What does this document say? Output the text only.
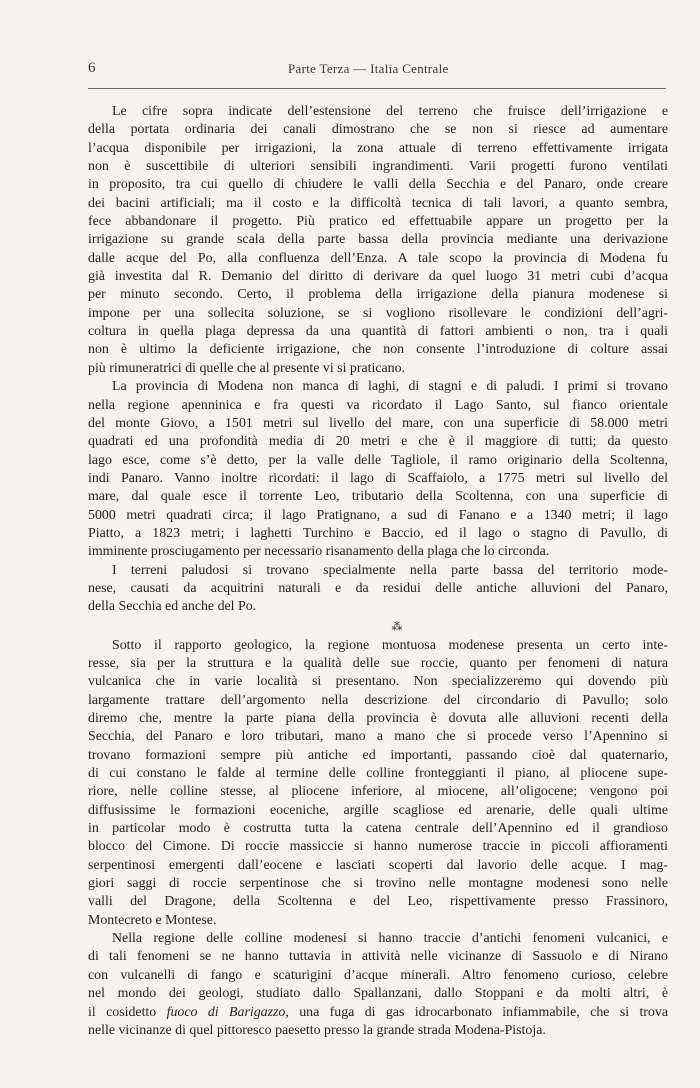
6	Parte Terza — Italia Centrale
Le cifre sopra indicate dell’estensione del terreno che fruisce dell’irrigazione e
della portata ordinaria dei canali dimostrano che se non si riesce ad aumentare
l’acqua disponibile per irrigazioni, la zona attuale di terreno effettivamente irrigata
non è suscettibile di ulteriori sensibili ingrandimenti. Varii progetti furono ventilati
in proposito, tra cui quello di chiudere le valli della Secchia e del Panaro, onde creare
dei bacini artificiali; ma il costo e la difficoltà tecnica di tali lavori, a quanto sembra,
fece abbandonare il progetto. Più pratico ed effettuabile appare un progetto per la
irrigazione su grande scala della parte bassa della provincia mediante una derivazione
dalle acque del Po, alla confluenza dell’Enza. A tale scopo la provincia di Modena fu
già investita dal R. Demanio del diritto di derivare da quel luogo 31 metri cubi d’acqua
per minuto secondo. Certo, il problema della irrigazione della pianura modenese si
impone per una sollecita soluzione, se si vogliono risollevare le condizioni dell’agri-
coltura in quella plaga depressa da una quantità di fattori ambienti o non, tra i quali
non è ultimo la deficiente irrigazione, che non consente l’introduzione di colture assai
più rimuneratrici di quelle che al presente vi si praticano.
La provincia di Modena non manca di laghi, di stagni e di paludi. I primi si trovano
nella regione apenninica e fra questi va ricordato il Lago Santo, sul fianco orientale
del monte Giovo, a 1501 metri sul livello del mare, con una superficie di 58.000 metri
quadrati ed una profondità media di 20 metri e che è il maggiore di tutti; da questo
lago esce, come s’è detto, per la valle delle Tagliole, il ramo originario della Scoltenna,
indi Panaro. Vanno inoltre ricordati: il lago di Scaffaiolo, a 1775 metri sul livello del
mare, dal quale esce il torrente Leo, tributario della Scoltenna, con una superficie di
5000 metri quadrati circa; il lago Pratignano, a sud di Fanano e a 1340 metri; il lago
Piatto, a 1823 metri; i laghetti Turchino e Baccio, ed il lago o stagno di Pavullo, di
imminente prosciugamento per necessario risanamento della plaga che lo circonda.
I terreni paludosi si trovano specialmente nella parte bassa del territorio mode-
nese, causati da acquitrini naturali e da residui delle antiche alluvioni del Panaro,
della Secchia ed anche del Po.
⁂
Sotto il rapporto geologico, la regione montuosa modenese presenta un certo inte-
resse, sia per la struttura e la qualità delle sue roccie, quanto per fenomeni di natura
vulcanica che in varie località si presentano. Non specializzeremo qui dovendo più
largamente trattare dell’argomento nella descrizione del circondario di Pavullo; solo
diremo che, mentre la parte piana della provincia è dovuta alle alluvioni recenti della
Secchia, del Panaro e loro tributari, mano a mano che si procede verso l’Apennino si
trovano formazioni sempre più antiche ed importanti, passando cioè dal quaternario,
di cui constano le falde al termine delle colline fronteggianti il piano, al pliocene supe-
riore, nelle colline stesse, al pliocene inferiore, al miocene, all’oligocene; vengono poi
diffusissime le formazioni eoceniche, argille scagliose ed arenarie, delle quali ultime
in particolar modo è costrutta tutta la catena centrale dell’Apennino ed il grandioso
blocco del Cimone. Di roccie massiccie si hanno numerose traccie in piccoli affioramenti
serpentinosi emergenti dall’eocene e lasciati scoperti dal lavorio delle acque. I mag-
giori saggi di roccie serpentinose che si trovino nelle montagne modenesi sono nelle
valli del Dragone, della Scoltenna e del Leo, rispettivamente presso Frassinoro,
Montecreto e Montese.
Nella regione delle colline modenesi si hanno traccie d’antichi fenomeni vulcanici, e
di tali fenomeni se ne hanno tuttavia in attività nelle vicinanze di Sassuolo e di Nirano
con vulcanelli di fango e scaturigini d’acque minerali. Altro fenomeno curioso, celebre
nel mondo dei geologi, studiato dallo Spallanzani, dallo Stoppani e da molti altri, è
il cosidetto fuoco di Barigazzo, una fuga di gas idrocarbonato infiammabile, che si trova
nelle vicinanze di quel pittoresco paesetto presso la grande strada Modena-Pistoja.
